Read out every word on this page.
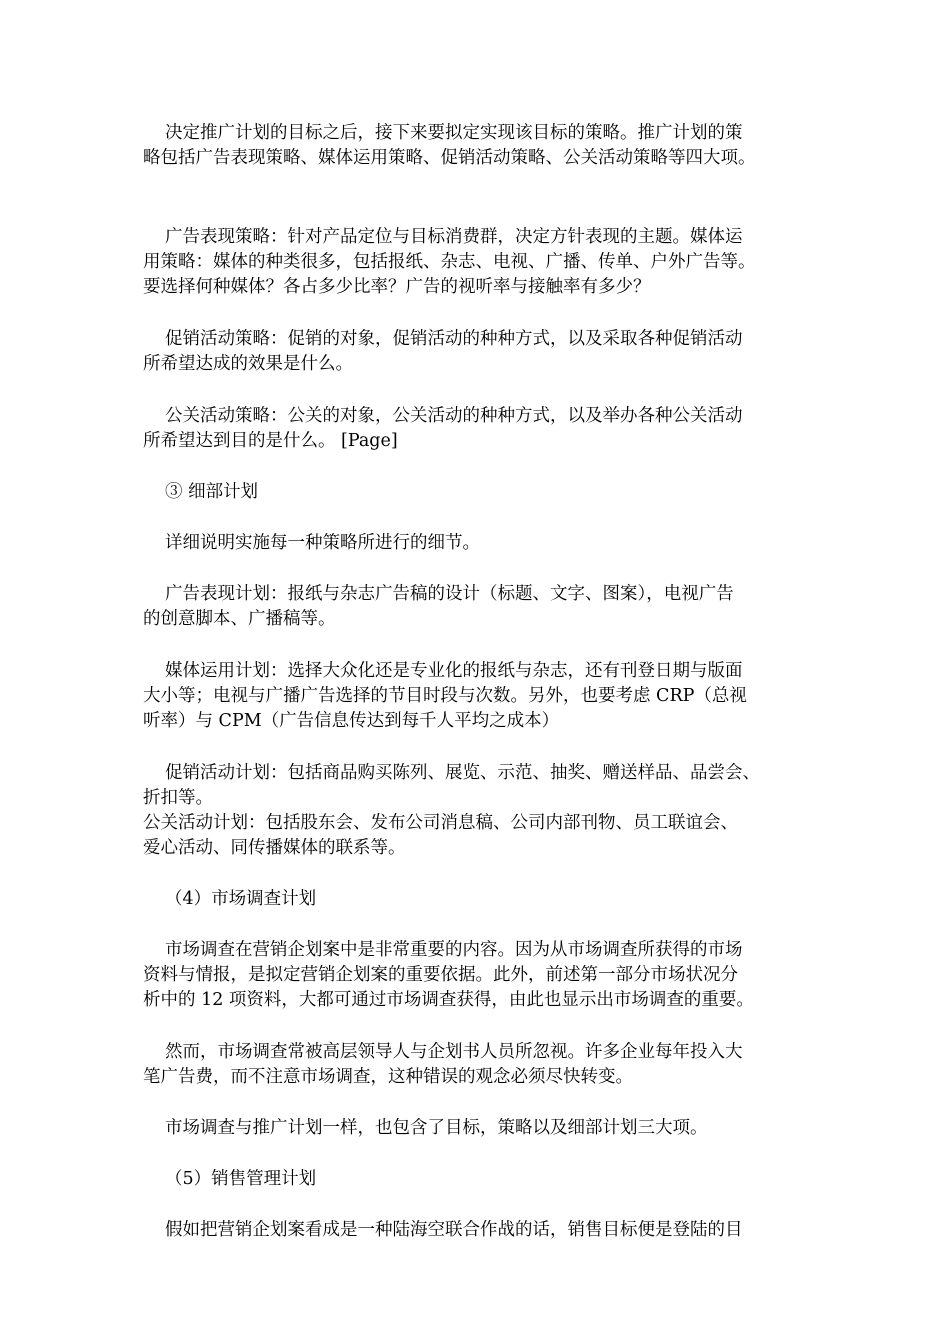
决定推广计划的目标之后，接下来要拟定实现该目标的策略。推广计划的策
略包括广告表现策略、媒体运用策略、促销活动策略、公关活动策略等四大项。

广告表现策略：针对产品定位与目标消费群，决定方针表现的主题。媒体运
用策略：媒体的种类很多，包括报纸、杂志、电视、广播、传单、户外广告等。
要选择何种媒体？各占多少比率？广告的视听率与接触率有多少？

促销活动策略：促销的对象，促销活动的种种方式，以及采取各种促销活动
所希望达成的效果是什么。

公关活动策略：公关的对象，公关活动的种种方式，以及举办各种公关活动
所希望达到目的是什么。 [Page]

③ 细部计划

详细说明实施每一种策略所进行的细节。

广告表现计划：报纸与杂志广告稿的设计（标题、文字、图案），电视广告
的创意脚本、广播稿等。

媒体运用计划：选择大众化还是专业化的报纸与杂志，还有刊登日期与版面
大小等；电视与广播广告选择的节目时段与次数。另外，也要考虑 CRP（总视
听率）与 CPM（广告信息传达到每千人平均之成本）

促销活动计划：包括商品购买陈列、展览、示范、抽奖、赠送样品、品尝会、
折扣等。
公关活动计划：包括股东会、发布公司消息稿、公司内部刊物、员工联谊会、
爱心活动、同传播媒体的联系等。

（4）市场调查计划

市场调查在营销企划案中是非常重要的内容。因为从市场调查所获得的市场
资料与情报，是拟定营销企划案的重要依据。此外，前述第一部分市场状况分
析中的 12 项资料，大都可通过市场调查获得，由此也显示出市场调查的重要。

然而，市场调查常被高层领导人与企划书人员所忽视。许多企业每年投入大
笔广告费，而不注意市场调查，这种错误的观念必须尽快转变。

市场调查与推广计划一样，也包含了目标，策略以及细部计划三大项。

（5）销售管理计划

假如把营销企划案看成是一种陆海空联合作战的话，销售目标便是登陆的目
